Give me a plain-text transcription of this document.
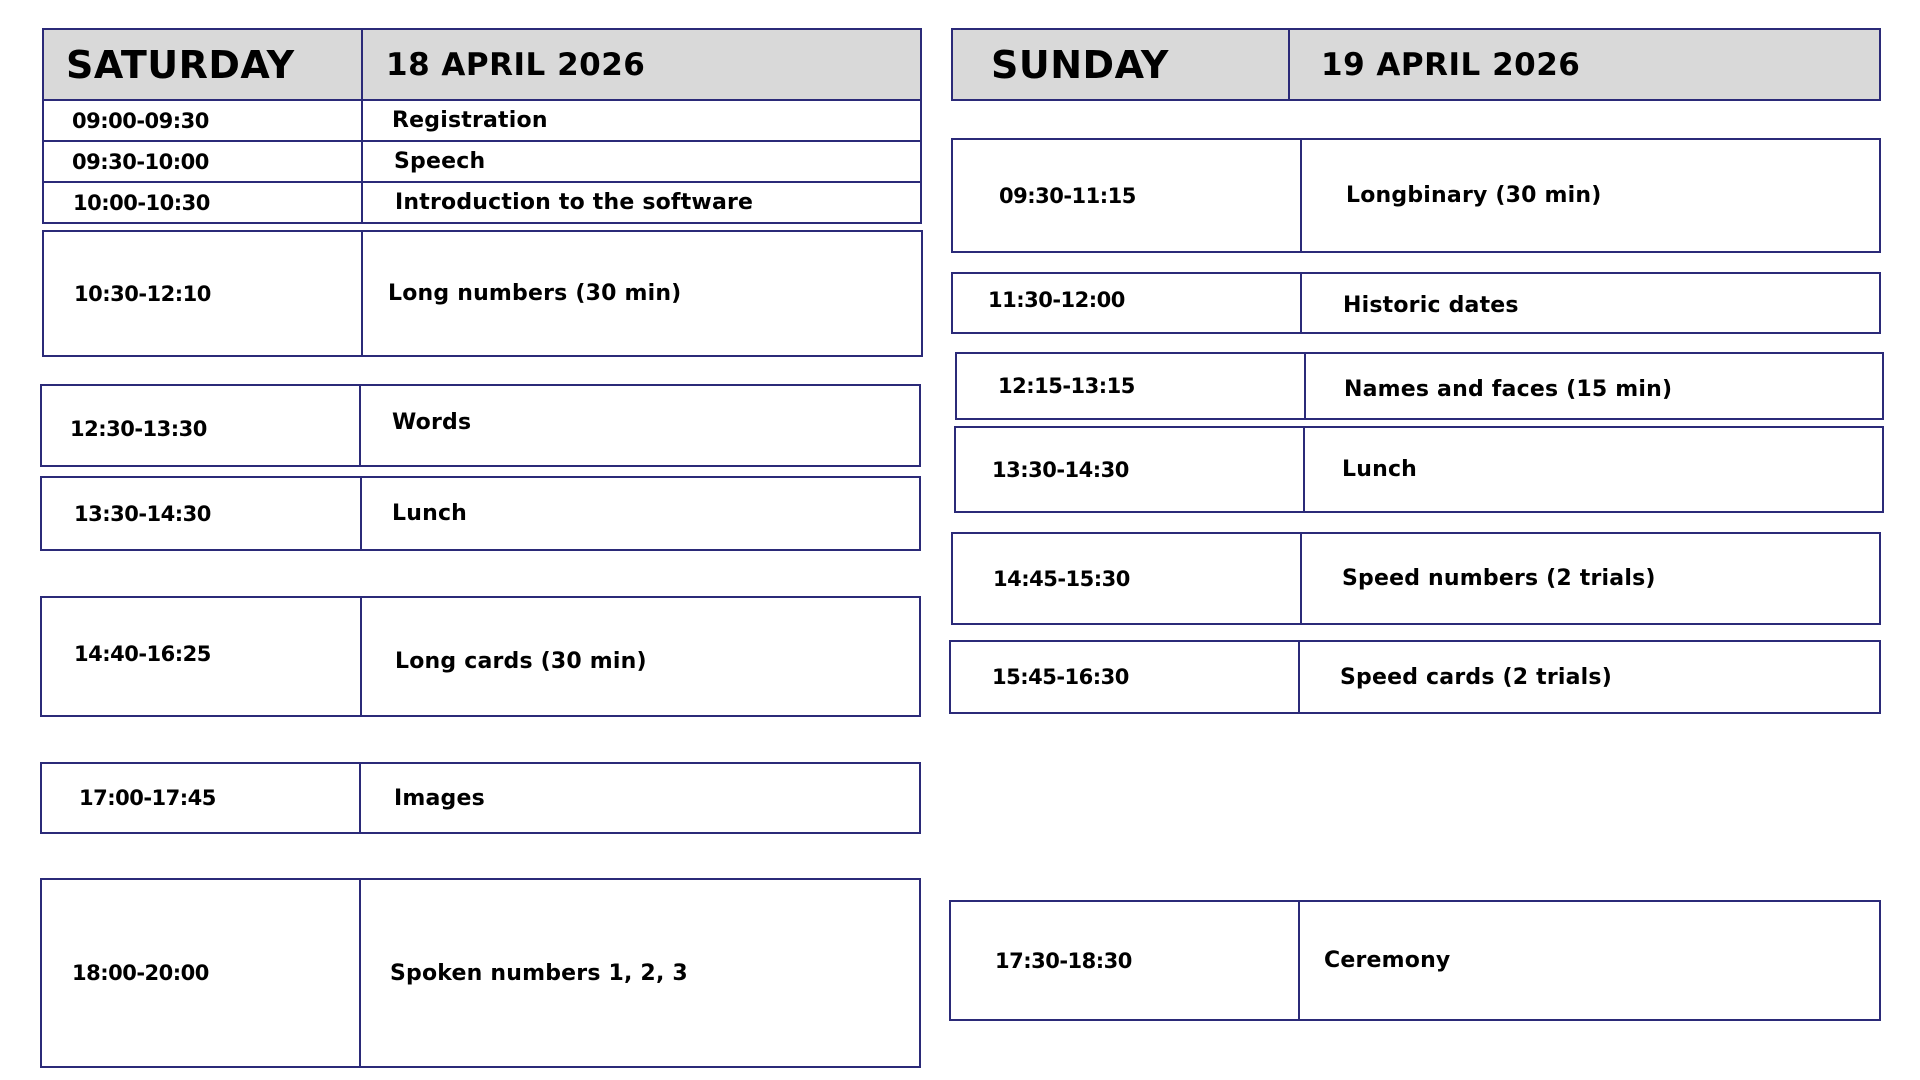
SATURDAY	18 APRIL 2026
09:00-09:30	Registration
09:30-10:00	Speech
10:00-10:30	Introduction to the software
10:30-12:10	Long numbers (30 min)
12:30-13:30	Words
13:30-14:30	Lunch
14:40-16:25	Long cards (30 min)
17:00-17:45	Images
18:00-20:00	Spoken numbers 1, 2, 3
SUNDAY	19 APRIL 2026
09:30-11:15	Longbinary (30 min)
11:30-12:00	Historic dates
12:15-13:15	Names and faces (15 min)
13:30-14:30	Lunch
14:45-15:30	Speed numbers (2 trials)
15:45-16:30	Speed cards (2 trials)
17:30-18:30	Ceremony
